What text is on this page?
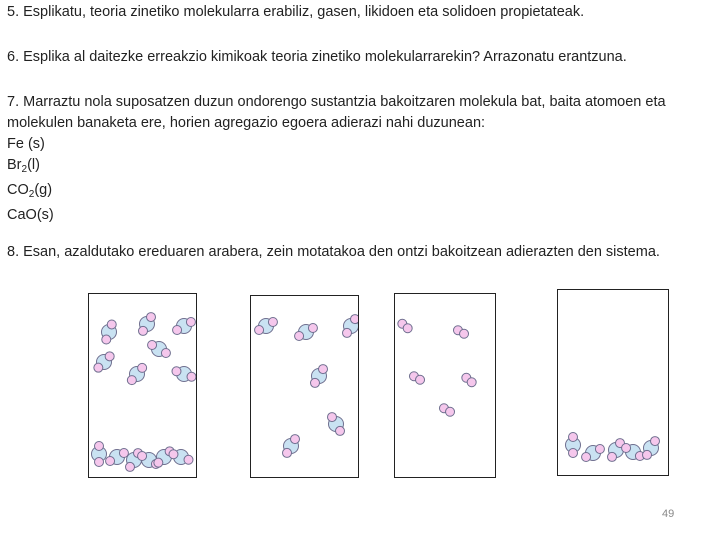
5. Esplikatu, teoria zinetiko molekularra erabiliz, gasen, likidoen eta solidoen propietateak.

6. Esplika al daitezke erreakzio kimikoak teoria zinetiko molekularrarekin? Arrazonatu erantzuna.

7. Marraztu nola suposatzen duzun ondorengo sustantzia bakoitzaren molekula bat, baita atomoen eta molekulen banaketa ere, horien agregazio egoera adierazi nahi duzunean:
Fe (s)
$Br_2(l)$
$CO_2(g)$
CaO(s)

8. Esan, azaldutako ereduaren arabera, zein motatakoa den ontzi bakoitzean adierazten den sistema.

49
